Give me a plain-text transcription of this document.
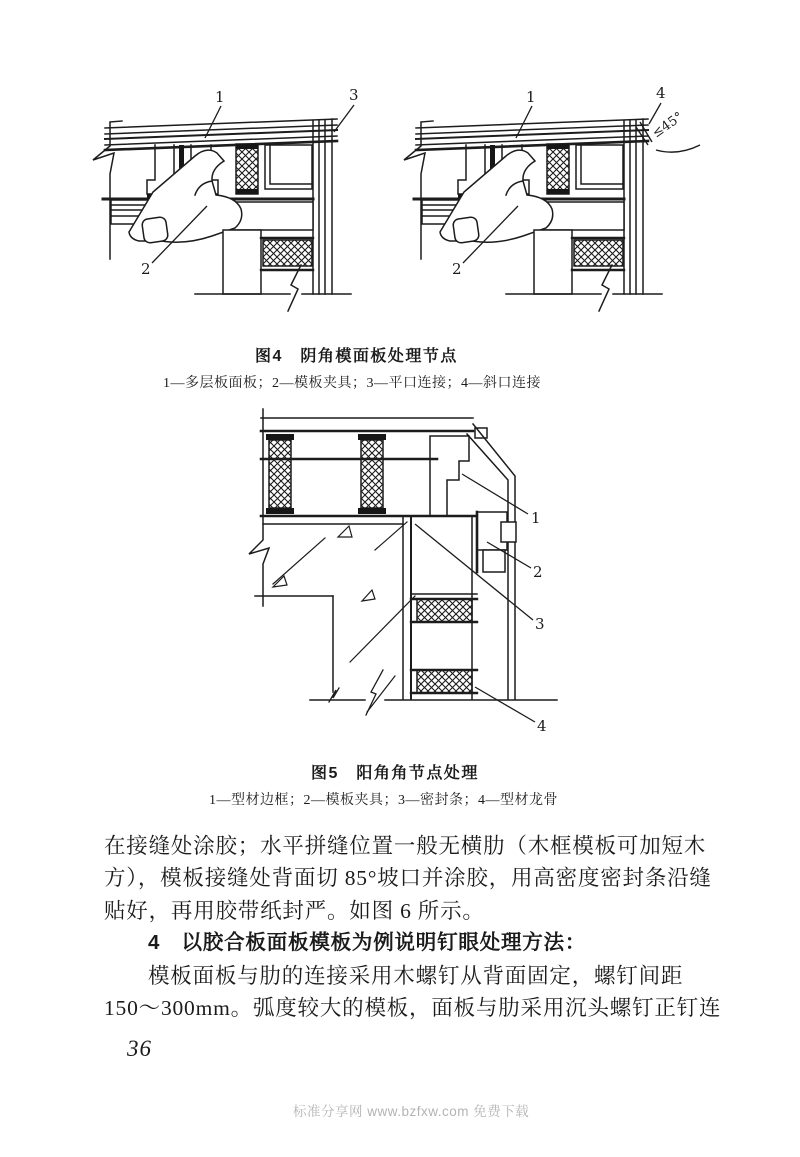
1	3
2
1	4
2
≤45°
图4　阴角模面板处理节点
1—多层板面板；2—模板夹具；3—平口连接；4—斜口连接
1
2
3
4
图5　阳角角节点处理
1—型材边框；2—模板夹具；3—密封条；4—型材龙骨
在接缝处涂胶；水平拼缝位置一般无横肋（木框模板可加短木
方），模板接缝处背面切 85°坡口并涂胶，用高密度密封条沿缝
贴好，再用胶带纸封严。如图 6 所示。
4　以胶合板面板模板为例说明钉眼处理方法：
模板面板与肋的连接采用木螺钉从背面固定，螺钉间距
150～300mm。弧度较大的模板，面板与肋采用沉头螺钉正钉连
36
标准分享网 www.bzfxw.com 免费下载
